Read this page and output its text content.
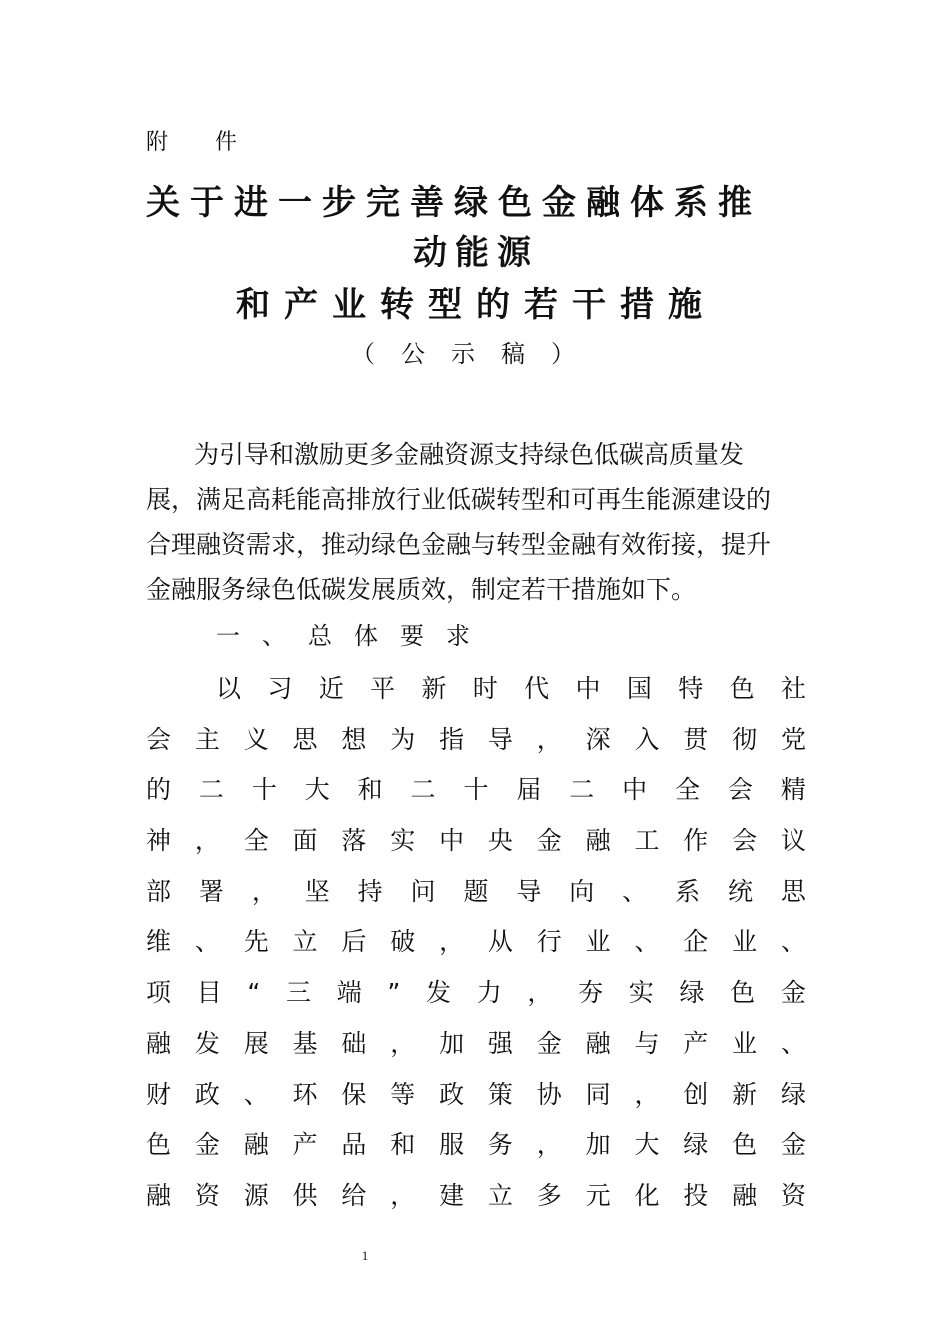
附 件
关于进一步完善绿色金融体系推
动能源
和产业转型的若干措施
（公示稿）
为引导和激励更多金融资源支持绿色低碳高质量发
展，满足高耗能高排放行业低碳转型和可再生能源建设的
合理融资需求，推动绿色金融与转型金融有效衔接，提升
金融服务绿色低碳发展质效，制定若干措施如下。
一、总体要求
以 习 近 平 新 时 代 中 国 特 色 社
会 主 义 思 想 为 指 导 ， 深 入 贯 彻 党
的 二 十 大 和 二 十 届 二 中 全 会 精
神 ， 全 面 落 实 中 央 金 融 工 作 会 议
部 署 ， 坚 持 问 题 导 向 、 系 统 思
维 、 先 立 后 破 ， 从 行 业 、 企 业 、
项 目 “ 三 端 ” 发 力 ， 夯 实 绿 色 金
融 发 展 基 础 ， 加 强 金 融 与 产 业 、
财 政 、 环 保 等 政 策 协 同 ， 创 新 绿
色 金 融 产 品 和 服 务 ， 加 大 绿 色 金
融 资 源 供 给 ， 建 立 多 元 化 投 融 资
1
